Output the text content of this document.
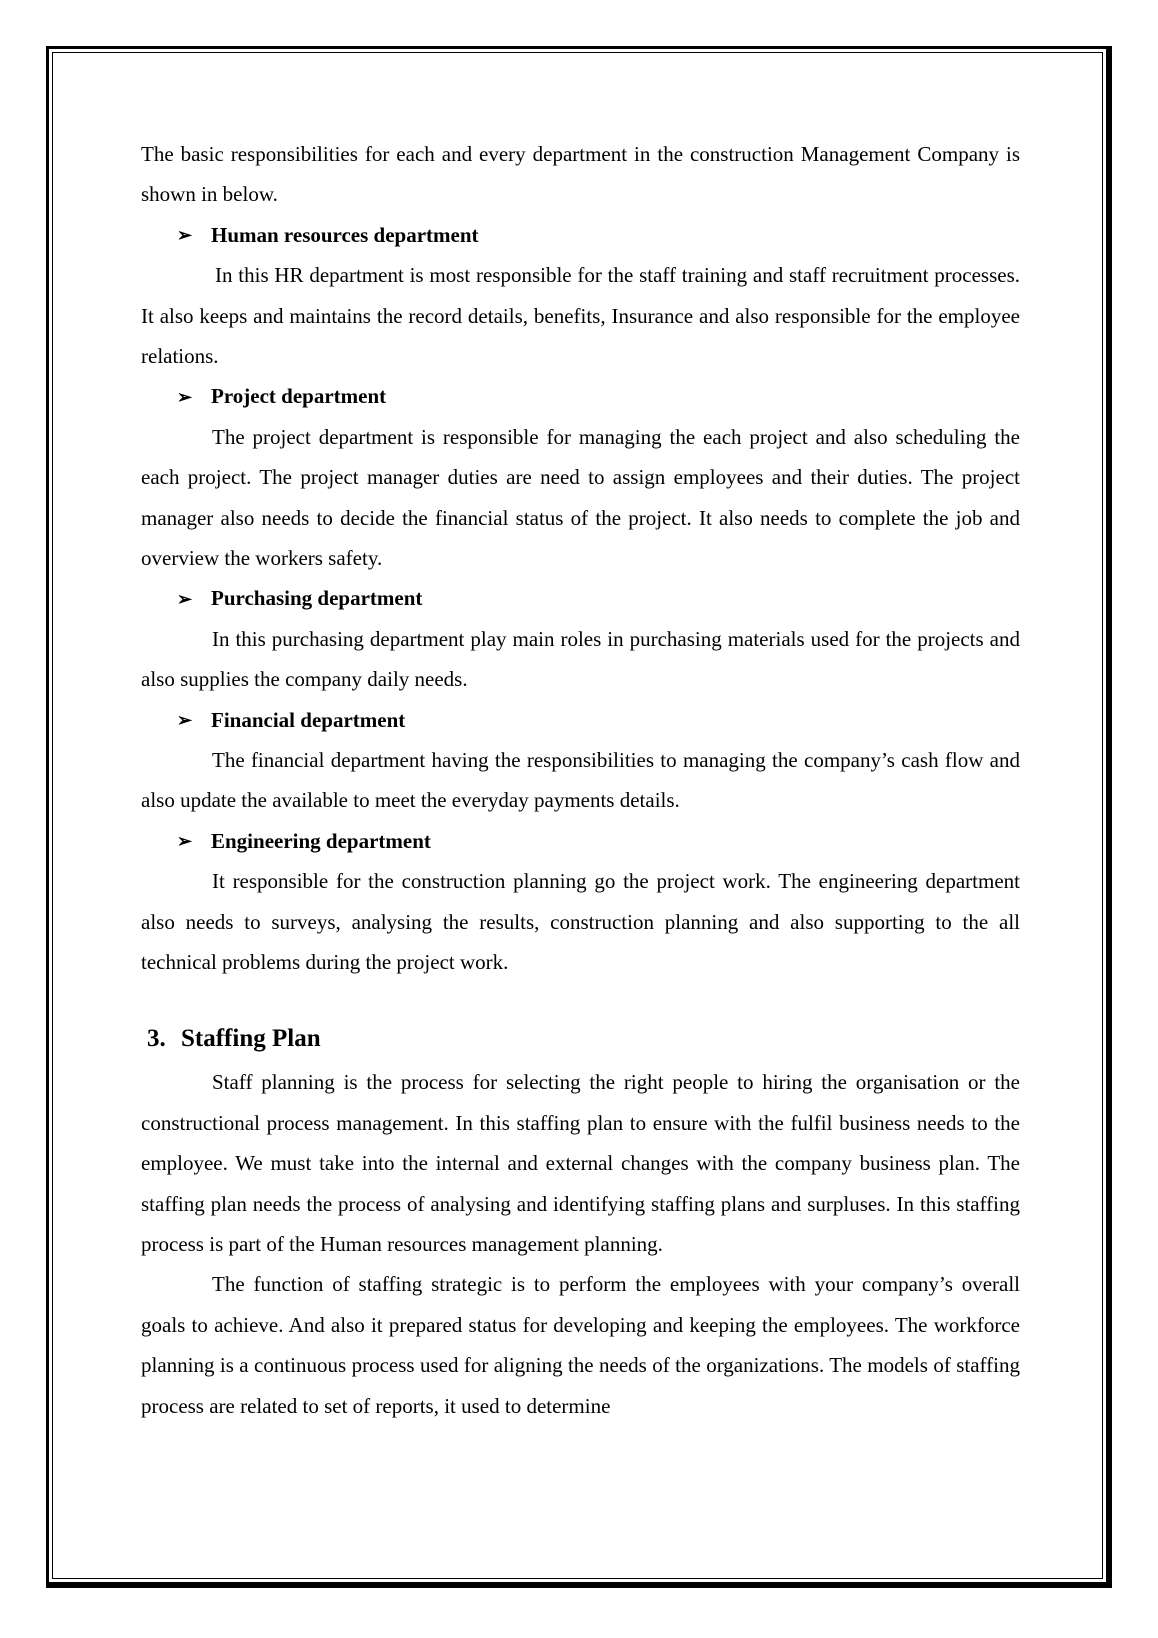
The basic responsibilities for each and every department in the construction Management Company is shown in below.

➢ Human resources department

In this HR department is most responsible for the staff training and staff recruitment processes. It also keeps and maintains the record details, benefits, Insurance and also responsible for the employee relations.

➢ Project department

The project department is responsible for managing the each project and also scheduling the each project. The project manager duties are need to assign employees and their duties. The project manager also needs to decide the financial status of the project. It also needs to complete the job and overview the workers safety.

➢ Purchasing department

In this purchasing department play main roles in purchasing materials used for the projects and also supplies the company daily needs.

➢ Financial department

The financial department having the responsibilities to managing the company’s cash flow and also update the available to meet the everyday payments details.

➢ Engineering department

It responsible for the construction planning go the project work. The engineering department also needs to surveys, analysing the results, construction planning and also supporting to the all technical problems during the project work.

3. Staffing Plan

Staff planning is the process for selecting the right people to hiring the organisation or the constructional process management. In this staffing plan to ensure with the fulfil business needs to the employee. We must take into the internal and external changes with the company business plan. The staffing plan needs the process of analysing and identifying staffing plans and surpluses. In this staffing process is part of the Human resources management planning.

The function of staffing strategic is to perform the employees with your company’s overall goals to achieve. And also it prepared status for developing and keeping the employees. The workforce planning is a continuous process used for aligning the needs of the organizations. The models of staffing process are related to set of reports, it used to determine
